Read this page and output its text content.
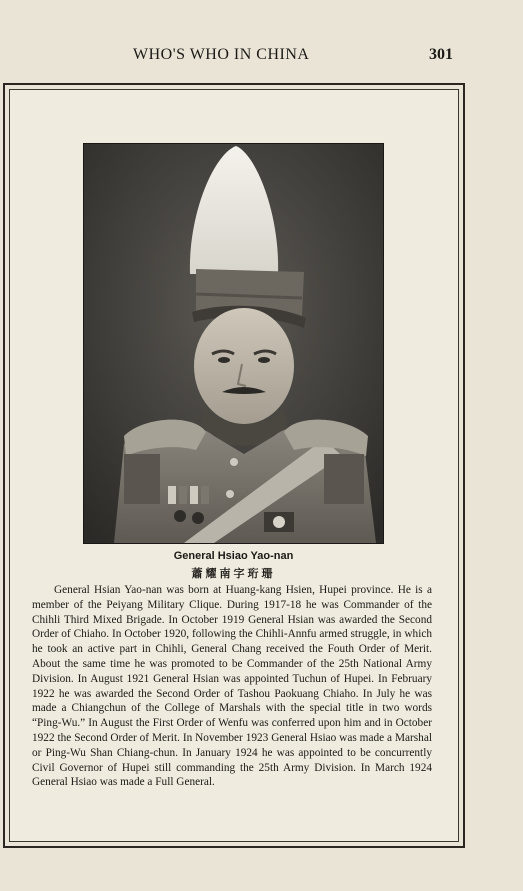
WHO'S WHO IN CHINA	301
General Hsiao Yao-nan
蕭耀南字珩珊

General Hsian Yao-nan was born at Huang-kang Hsien, Hupei province. He is a member of the Peiyang Military Clique. During 1917-18 he was Commander of the Chihli Third Mixed Brigade. In October 1919 General Hsian was awarded the Second Order of Chiaho. In October 1920, following the Chihli-Annfu armed struggle, in which he took an active part in Chihli, General Chang received the Fouth Order of Merit. About the same time he was promoted to be Commander of the 25th National Army Division. In August 1921 General Hsian was appointed Tuchun of Hupei. In February 1922 he was awarded the Second Order of Tashou Paokuang Chiaho. In July he was made a Chiangchun of the College of Marshals with the special title in two words “Ping-Wu.” In August the First Order of Wenfu was conferred upon him and in October 1922 the Second Order of Merit. In November 1923 General Hsiao was made a Marshal or Ping-Wu Shan Chiang-chun. In January 1924 he was appointed to be concurrently Civil Governor of Hupei still commanding the 25th Army Division. In March 1924 General Hsiao was made a Full General.
